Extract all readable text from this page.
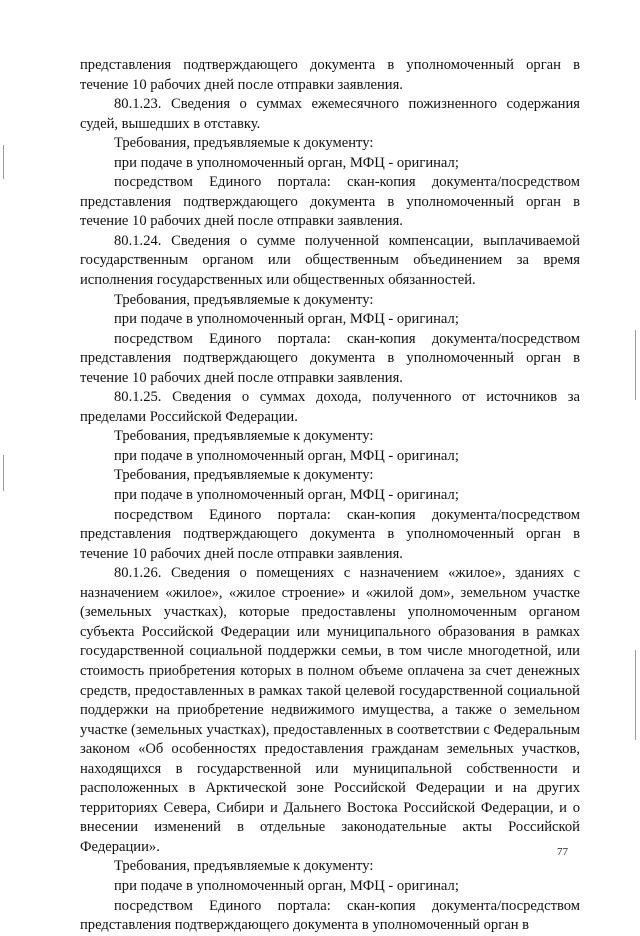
представления подтверждающего документа в уполномоченный орган в течение 10 рабочих дней после отправки заявления.

80.1.23. Сведения о суммах ежемесячного пожизненного содержания судей, вышедших в отставку.

Требования, предъявляемые к документу:

при подаче в уполномоченный орган, МФЦ - оригинал;

посредством Единого портала: скан-копия документа/посредством представления подтверждающего документа в уполномоченный орган в течение 10 рабочих дней после отправки заявления.

80.1.24. Сведения о сумме полученной компенсации, выплачиваемой государственным органом или общественным объединением за время исполнения государственных или общественных обязанностей.

Требования, предъявляемые к документу:

при подаче в уполномоченный орган, МФЦ - оригинал;

посредством Единого портала: скан-копия документа/посредством представления подтверждающего документа в уполномоченный орган в течение 10 рабочих дней после отправки заявления.

80.1.25. Сведения о суммах дохода, полученного от источников за пределами Российской Федерации.

Требования, предъявляемые к документу:

при подаче в уполномоченный орган, МФЦ - оригинал;

Требования, предъявляемые к документу:

при подаче в уполномоченный орган, МФЦ - оригинал;

посредством Единого портала: скан-копия документа/посредством представления подтверждающего документа в уполномоченный орган в течение 10 рабочих дней после отправки заявления.

80.1.26. Сведения о помещениях с назначением «жилое», зданиях с назначением «жилое», «жилое строение» и «жилой дом», земельном участке (земельных участках), которые предоставлены уполномоченным органом субъекта Российской Федерации или муниципального образования в рамках государственной социальной поддержки семьи, в том числе многодетной, или стоимость приобретения которых в полном объеме оплачена за счет денежных средств, предоставленных в рамках такой целевой государственной социальной поддержки на приобретение недвижимого имущества, а также о земельном участке (земельных участках), предоставленных в соответствии с Федеральным законом «Об особенностях предоставления гражданам земельных участков, находящихся в государственной или муниципальной собственности и расположенных в Арктической зоне Российской Федерации и на других территориях Севера, Сибири и Дальнего Востока Российской Федерации, и о внесении изменений в отдельные законодательные акты Российской Федерации».

Требования, предъявляемые к документу:

при подаче в уполномоченный орган, МФЦ - оригинал;

посредством Единого портала: скан-копия документа/посредством представления подтверждающего документа в уполномоченный орган в

77
